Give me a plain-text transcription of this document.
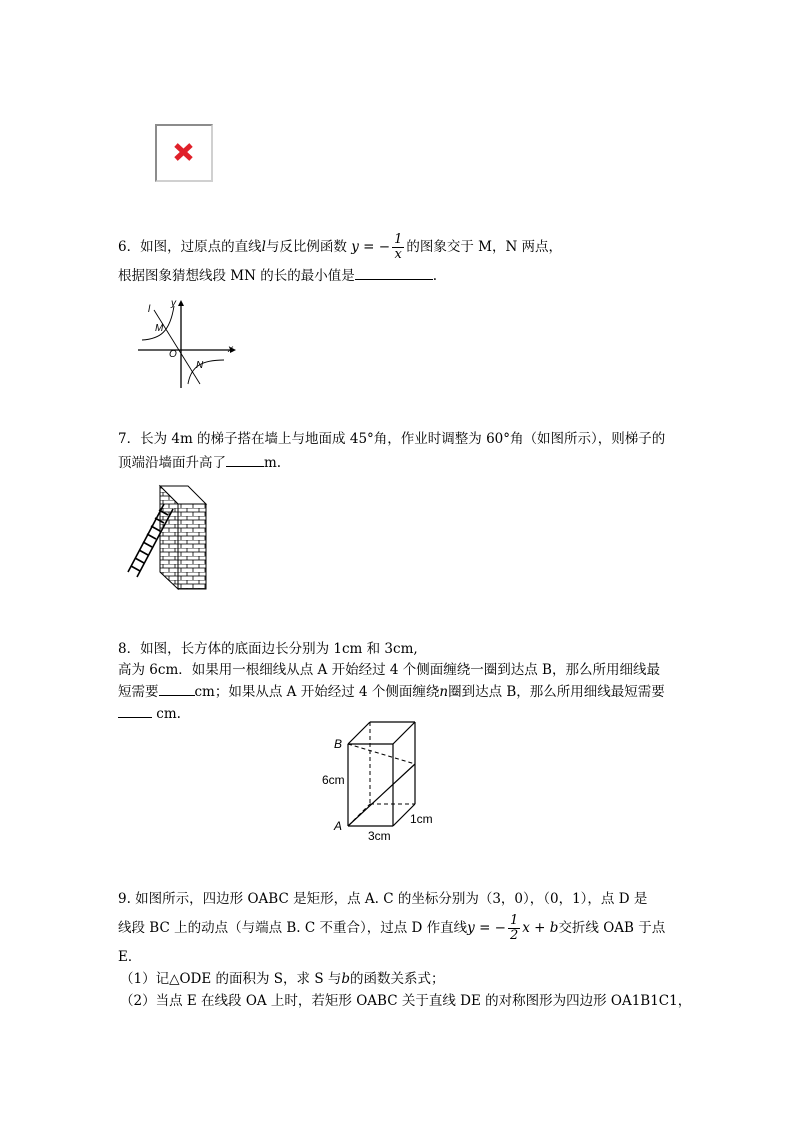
6．如图，过原点的直线l与反比例函数 y = − $\frac{1}{x}$ 的图象交于 M，N 两点，
根据图象猜想线段 MN 的长的最小值是	.
l
y
x
M
O
N
7．长为 4m 的梯子搭在墙上与地面成 45°角，作业时调整为 60°角（如图所示），则梯子的
顶端沿墙面升高了	m.
8．如图，长方体的底面边长分别为 1cm 和 3cm,
高为 6cm．如果用一根细线从点 A 开始经过 4 个侧面缠绕一圈到达点 B，那么所用细线最
短需要	cm；如果从点 A 开始经过 4 个侧面缠绕n圈到达点 B，那么所用细线最短需要
cm.
B
A
6cm
3cm
1cm
9. 如图所示，四边形 OABC 是矩形，点 A. C 的坐标分别为（3，0），（0，1），点 D 是
线段 BC 上的动点（与端点 B. C 不重合），过点 D 作直线y = − $\frac{1}{2}$ x + b交折线 OAB 于点
E．
（1）记△ODE 的面积为 S，求 S 与b的函数关系式；
（2）当点 E 在线段 OA 上时，若矩形 OABC 关于直线 DE 的对称图形为四边形 OA1B1C1，
